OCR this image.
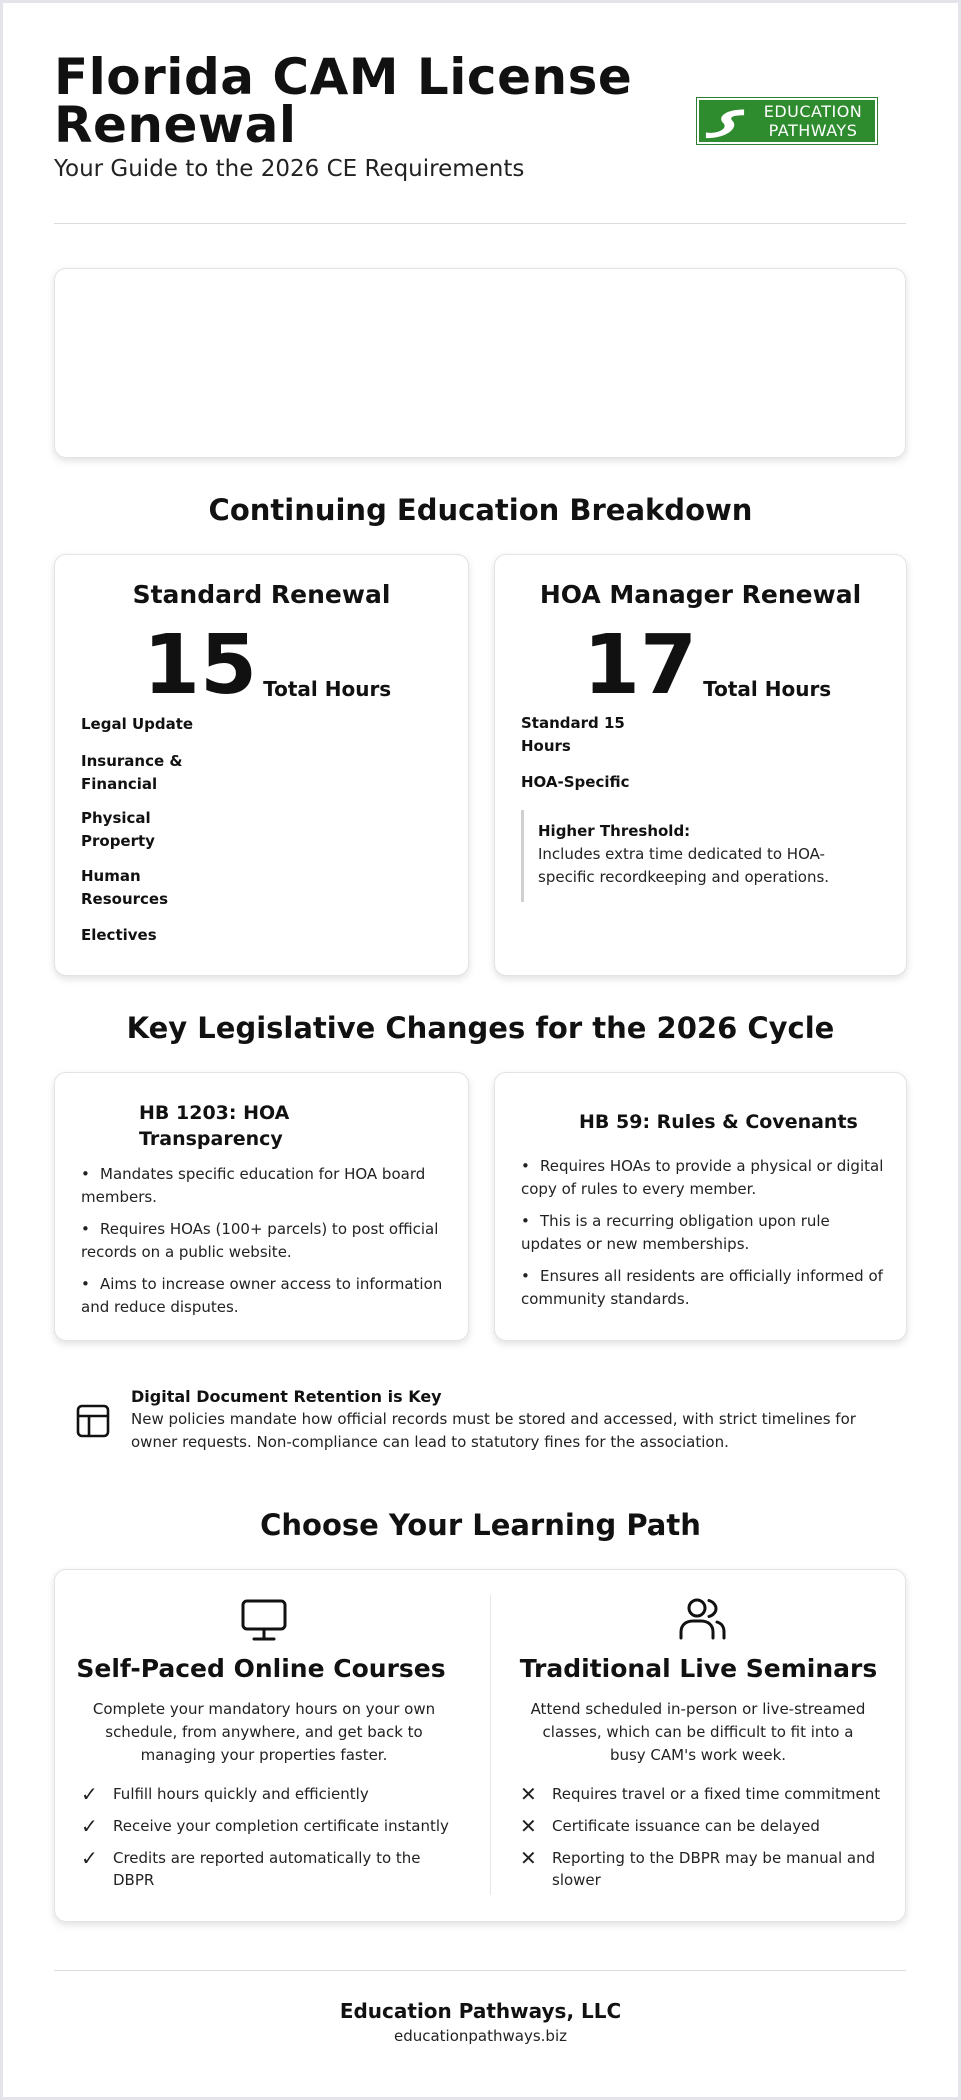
Florida CAM License Renewal
Your Guide to the 2026 CE Requirements
EDUCATION
PATHWAYS
Continuing Education Breakdown
Standard Renewal
15 Total Hours
Legal Update
Insurance & Financial
Physical Property
Human Resources
Electives
HOA Manager Renewal
17 Total Hours
Standard 15 Hours
HOA-Specific
Higher Threshold:
Includes extra time dedicated to HOA-specific recordkeeping and operations.
Key Legislative Changes for the 2026 Cycle
HB 1203: HOA Transparency
• Mandates specific education for HOA board members.
• Requires HOAs (100+ parcels) to post official records on a public website.
• Aims to increase owner access to information and reduce disputes.
HB 59: Rules & Covenants
• Requires HOAs to provide a physical or digital copy of rules to every member.
• This is a recurring obligation upon rule updates or new memberships.
• Ensures all residents are officially informed of community standards.
Digital Document Retention is Key
New policies mandate how official records must be stored and accessed, with strict timelines for owner requests. Non-compliance can lead to statutory fines for the association.
Choose Your Learning Path
Self-Paced Online Courses
Complete your mandatory hours on your own schedule, from anywhere, and get back to managing your properties faster.
✓	Fulfill hours quickly and efficiently
✓	Receive your completion certificate instantly
✓	Credits are reported automatically to the DBPR
Traditional Live Seminars
Attend scheduled in-person or live-streamed classes, which can be difficult to fit into a busy CAM's work week.
✕	Requires travel or a fixed time commitment
✕	Certificate issuance can be delayed
✕	Reporting to the DBPR may be manual and slower
Education Pathways, LLC
educationpathways.biz
